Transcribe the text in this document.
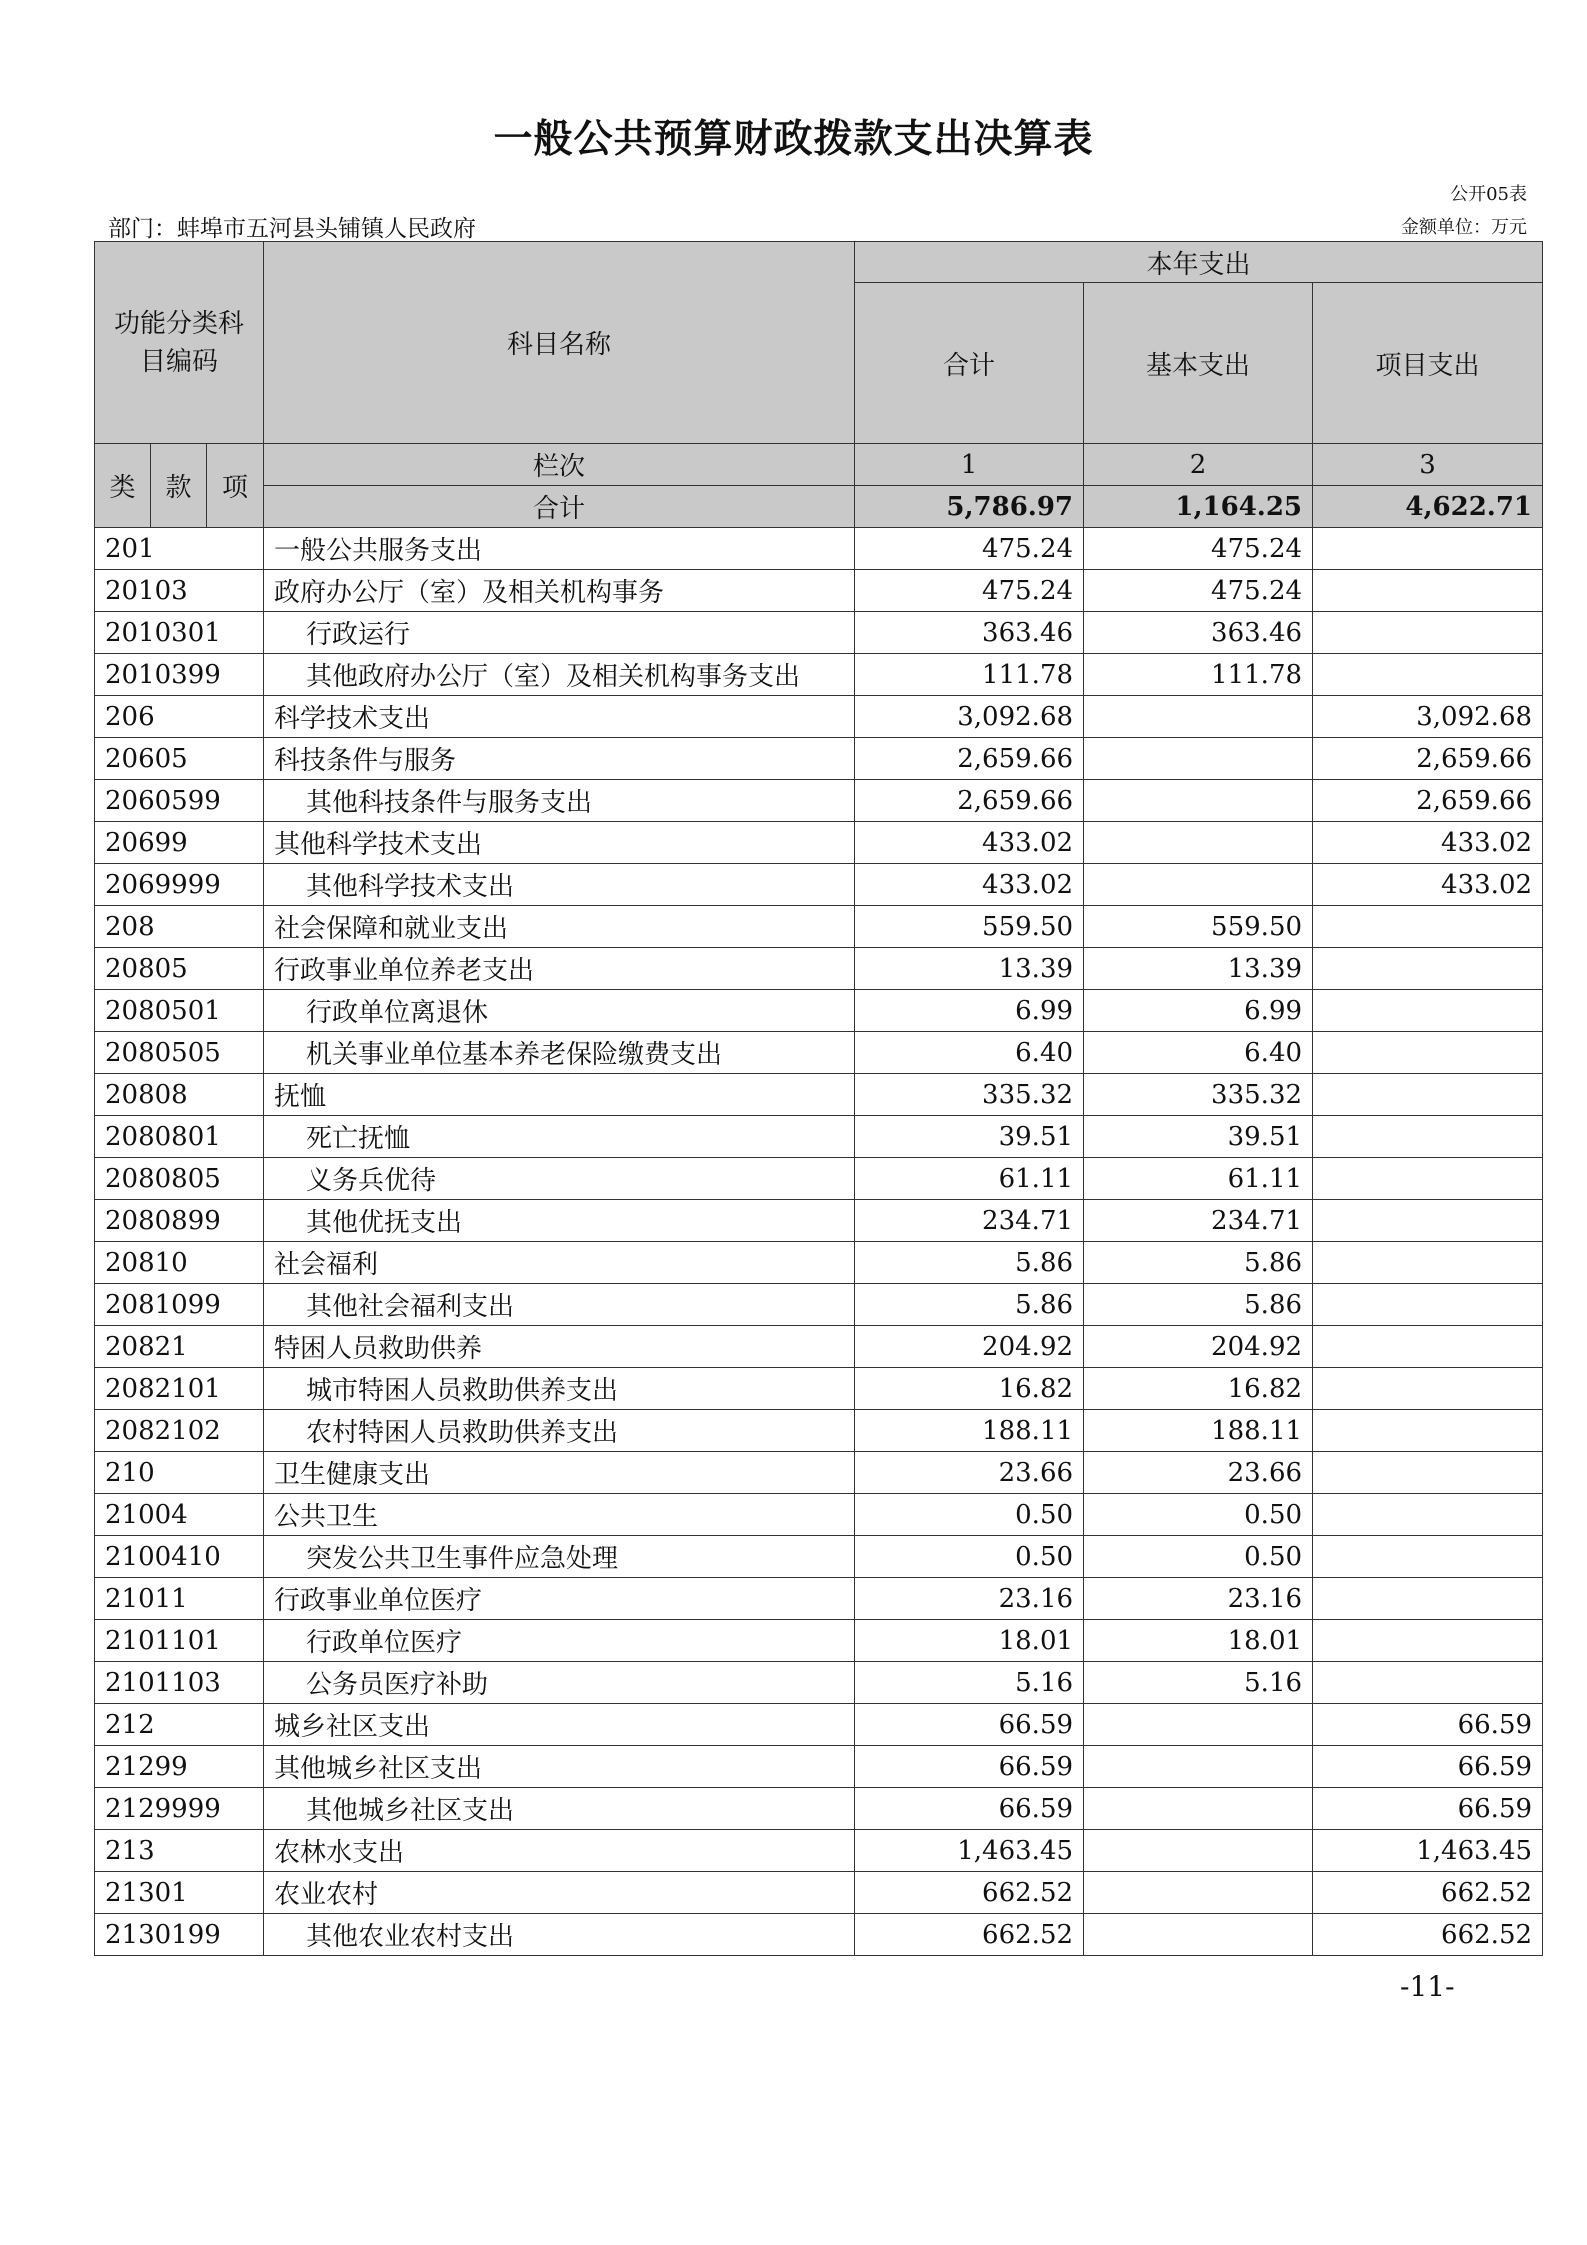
一般公共预算财政拨款支出决算表
公开05表
部门：蚌埠市五河县头铺镇人民政府	金额单位：万元
功能分类科目编码			科目名称	本年支出		
				合计	基本支出	项目支出
类	款	项	栏次	1	2	3
			合计	5,786.97	1,164.25	4,622.71
201			一般公共服务支出	475.24	475.24	
20103			政府办公厅（室）及相关机构事务	475.24	475.24	
2010301			行政运行	363.46	363.46	
2010399			其他政府办公厅（室）及相关机构事务支出	111.78	111.78	
206			科学技术支出	3,092.68		3,092.68
20605			科技条件与服务	2,659.66		2,659.66
2060599			其他科技条件与服务支出	2,659.66		2,659.66
20699			其他科学技术支出	433.02		433.02
2069999			其他科学技术支出	433.02		433.02
208			社会保障和就业支出	559.50	559.50	
20805			行政事业单位养老支出	13.39	13.39	
2080501			行政单位离退休	6.99	6.99	
2080505			机关事业单位基本养老保险缴费支出	6.40	6.40	
20808			抚恤	335.32	335.32	
2080801			死亡抚恤	39.51	39.51	
2080805			义务兵优待	61.11	61.11	
2080899			其他优抚支出	234.71	234.71	
20810			社会福利	5.86	5.86	
2081099			其他社会福利支出	5.86	5.86	
20821			特困人员救助供养	204.92	204.92	
2082101			城市特困人员救助供养支出	16.82	16.82	
2082102			农村特困人员救助供养支出	188.11	188.11	
210			卫生健康支出	23.66	23.66	
21004			公共卫生	0.50	0.50	
2100410			突发公共卫生事件应急处理	0.50	0.50	
21011			行政事业单位医疗	23.16	23.16	
2101101			行政单位医疗	18.01	18.01	
2101103			公务员医疗补助	5.16	5.16	
212			城乡社区支出	66.59		66.59
21299			其他城乡社区支出	66.59		66.59
2129999			其他城乡社区支出	66.59		66.59
213			农林水支出	1,463.45		1,463.45
21301			农业农村	662.52		662.52
2130199			其他农业农村支出	662.52		662.52
-11-
